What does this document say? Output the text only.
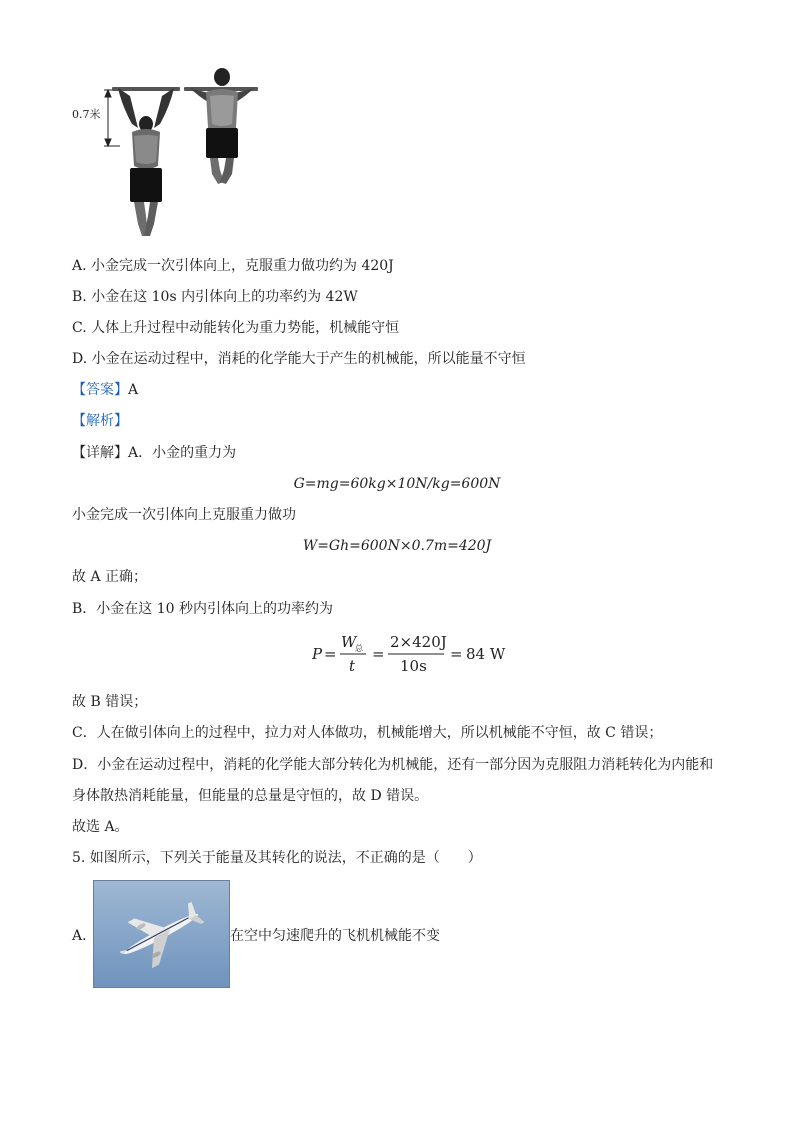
0.7米
A. 小金完成一次引体向上，克服重力做功约为 420J
B. 小金在这 10s 内引体向上的功率约为 42W
C. 人体上升过程中动能转化为重力势能，机械能守恒
D. 小金在运动过程中，消耗的化学能大于产生的机械能，所以能量不守恒
【答案】A
【解析】
【详解】A．小金的重力为
G=mg=60kg×10N/kg=600N
小金完成一次引体向上克服重力做功
W=Gh=600N×0.7m=420J
故 A 正确；
B．小金在这 10 秒内引体向上的功率约为
P =
W
总
t
=
2×420J
10s
= 84 W
故 B 错误；
C．人在做引体向上的过程中，拉力对人体做功，机械能增大，所以机械能不守恒，故 C 错误；
D．小金在运动过程中，消耗的化学能大部分转化为机械能，还有一部分因为克服阻力消耗转化为内能和
身体散热消耗能量，但能量的总量是守恒的，故 D 错误。
故选 A。
5. 如图所示，下列关于能量及其转化的说法，不正确的是（　　）
A.	在空中匀速爬升的飞机机械能不变
